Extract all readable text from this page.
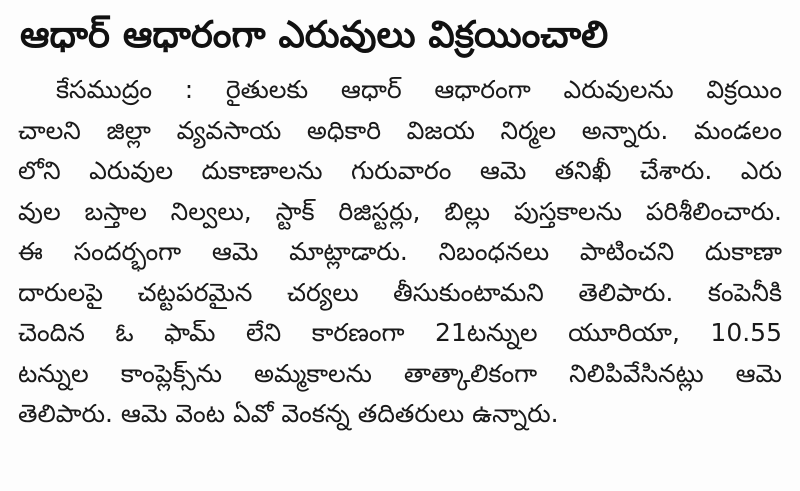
ఆధార్ ఆధారంగా ఎరువులు విక్రయించాలి
కేసముద్రం : రైతులకు ఆధార్ ఆధారంగా ఎరువులను విక్రయిం
చాలని జిల్లా వ్యవసాయ అధికారి విజయ నిర్మల అన్నారు. మండలం
లోని ఎరువుల దుకాణాలను గురువారం ఆమె తనిఖీ చేశారు. ఎరు
వుల బస్తాల నిల్వలు, స్టాక్ రిజిస్టర్లు, బిల్లు పుస్తకాలను పరిశీలించారు.
ఈ సందర్భంగా ఆమె మాట్లాడారు. నిబంధనలు పాటించని దుకాణా
దారులపై చట్టపరమైన చర్యలు తీసుకుంటామని తెలిపారు. కంపెనీకి
చెందిన ఓ ఫామ్ లేని కారణంగా 21టన్నుల యూరియా, 10.55
టన్నుల కాంప్లెక్స్‌ను అమ్మకాలను తాత్కాలికంగా నిలిపివేసినట్లు ఆమె
తెలిపారు. ఆమె వెంట ఏవో వెంకన్న తదితరులు ఉన్నారు.
